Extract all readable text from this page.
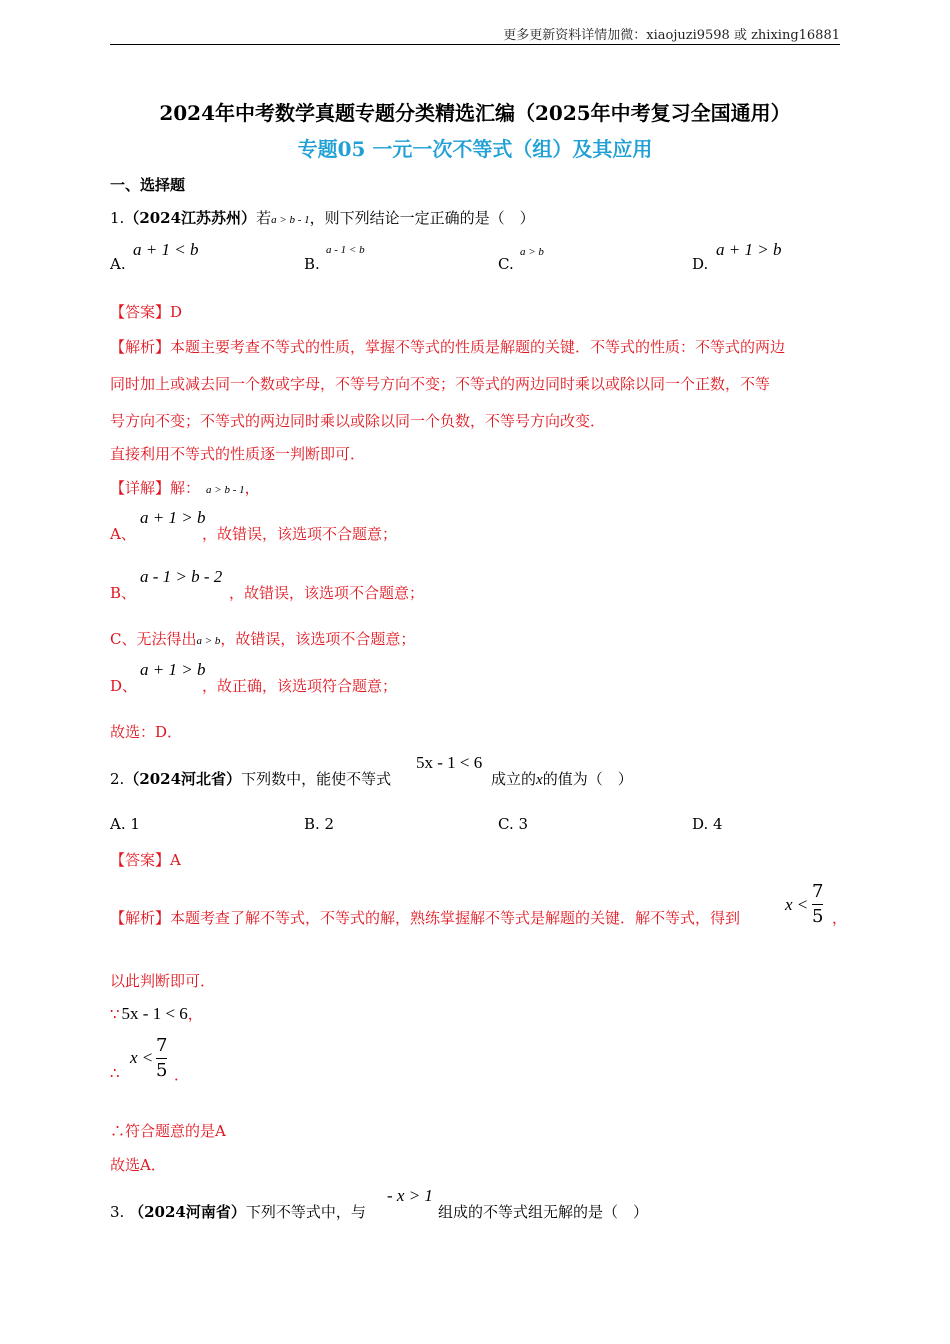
更多更新资料详情加微：xiaojuzi9598 或 zhixing16881
2024年中考数学真题专题分类精选汇编（2025年中考复习全国通用）
专题05 一元一次不等式（组）及其应用
一、选择题
1.（2024江苏苏州）若a > b - 1，则下列结论一定正确的是（　）
A.
a + 1 < b
B.
a - 1 < b
C.
a > b
D.
a + 1 > b
【答案】D
【解析】本题主要考查不等式的性质，掌握不等式的性质是解题的关键．不等式的性质：不等式的两边
同时加上或减去同一个数或字母，不等号方向不变；不等式的两边同时乘以或除以同一个正数，不等
号方向不变；不等式的两边同时乘以或除以同一个负数，不等号方向改变．
直接利用不等式的性质逐一判断即可．
【详解】解： a > b - 1，
A、
a + 1 > b
，故错误，该选项不合题意；
B、
a - 1 > b - 2
，故错误，该选项不合题意；
C、无法得出a > b，故错误，该选项不合题意；
D、
a + 1 > b
，故正确，该选项符合题意；
故选：D．
2.（2024河北省）下列数中，能使不等式
5x - 1 < 6
成立的x的值为（　）
A. 1	B. 2	C. 3	D. 4
【答案】A
【解析】本题考查了解不等式，不等式的解，熟练掌握解不等式是解题的关键．解不等式，得到
$x < \frac{7}{5}$ ，
以此判断即可．
∵ 5x - 1 < 6，
∴
$x < \frac{7}{5}$ ．
∴符合题意的是A
故选A．
3. （2024河南省）下列不等式中，与
- x > 1
组成的不等式组无解的是（　）
